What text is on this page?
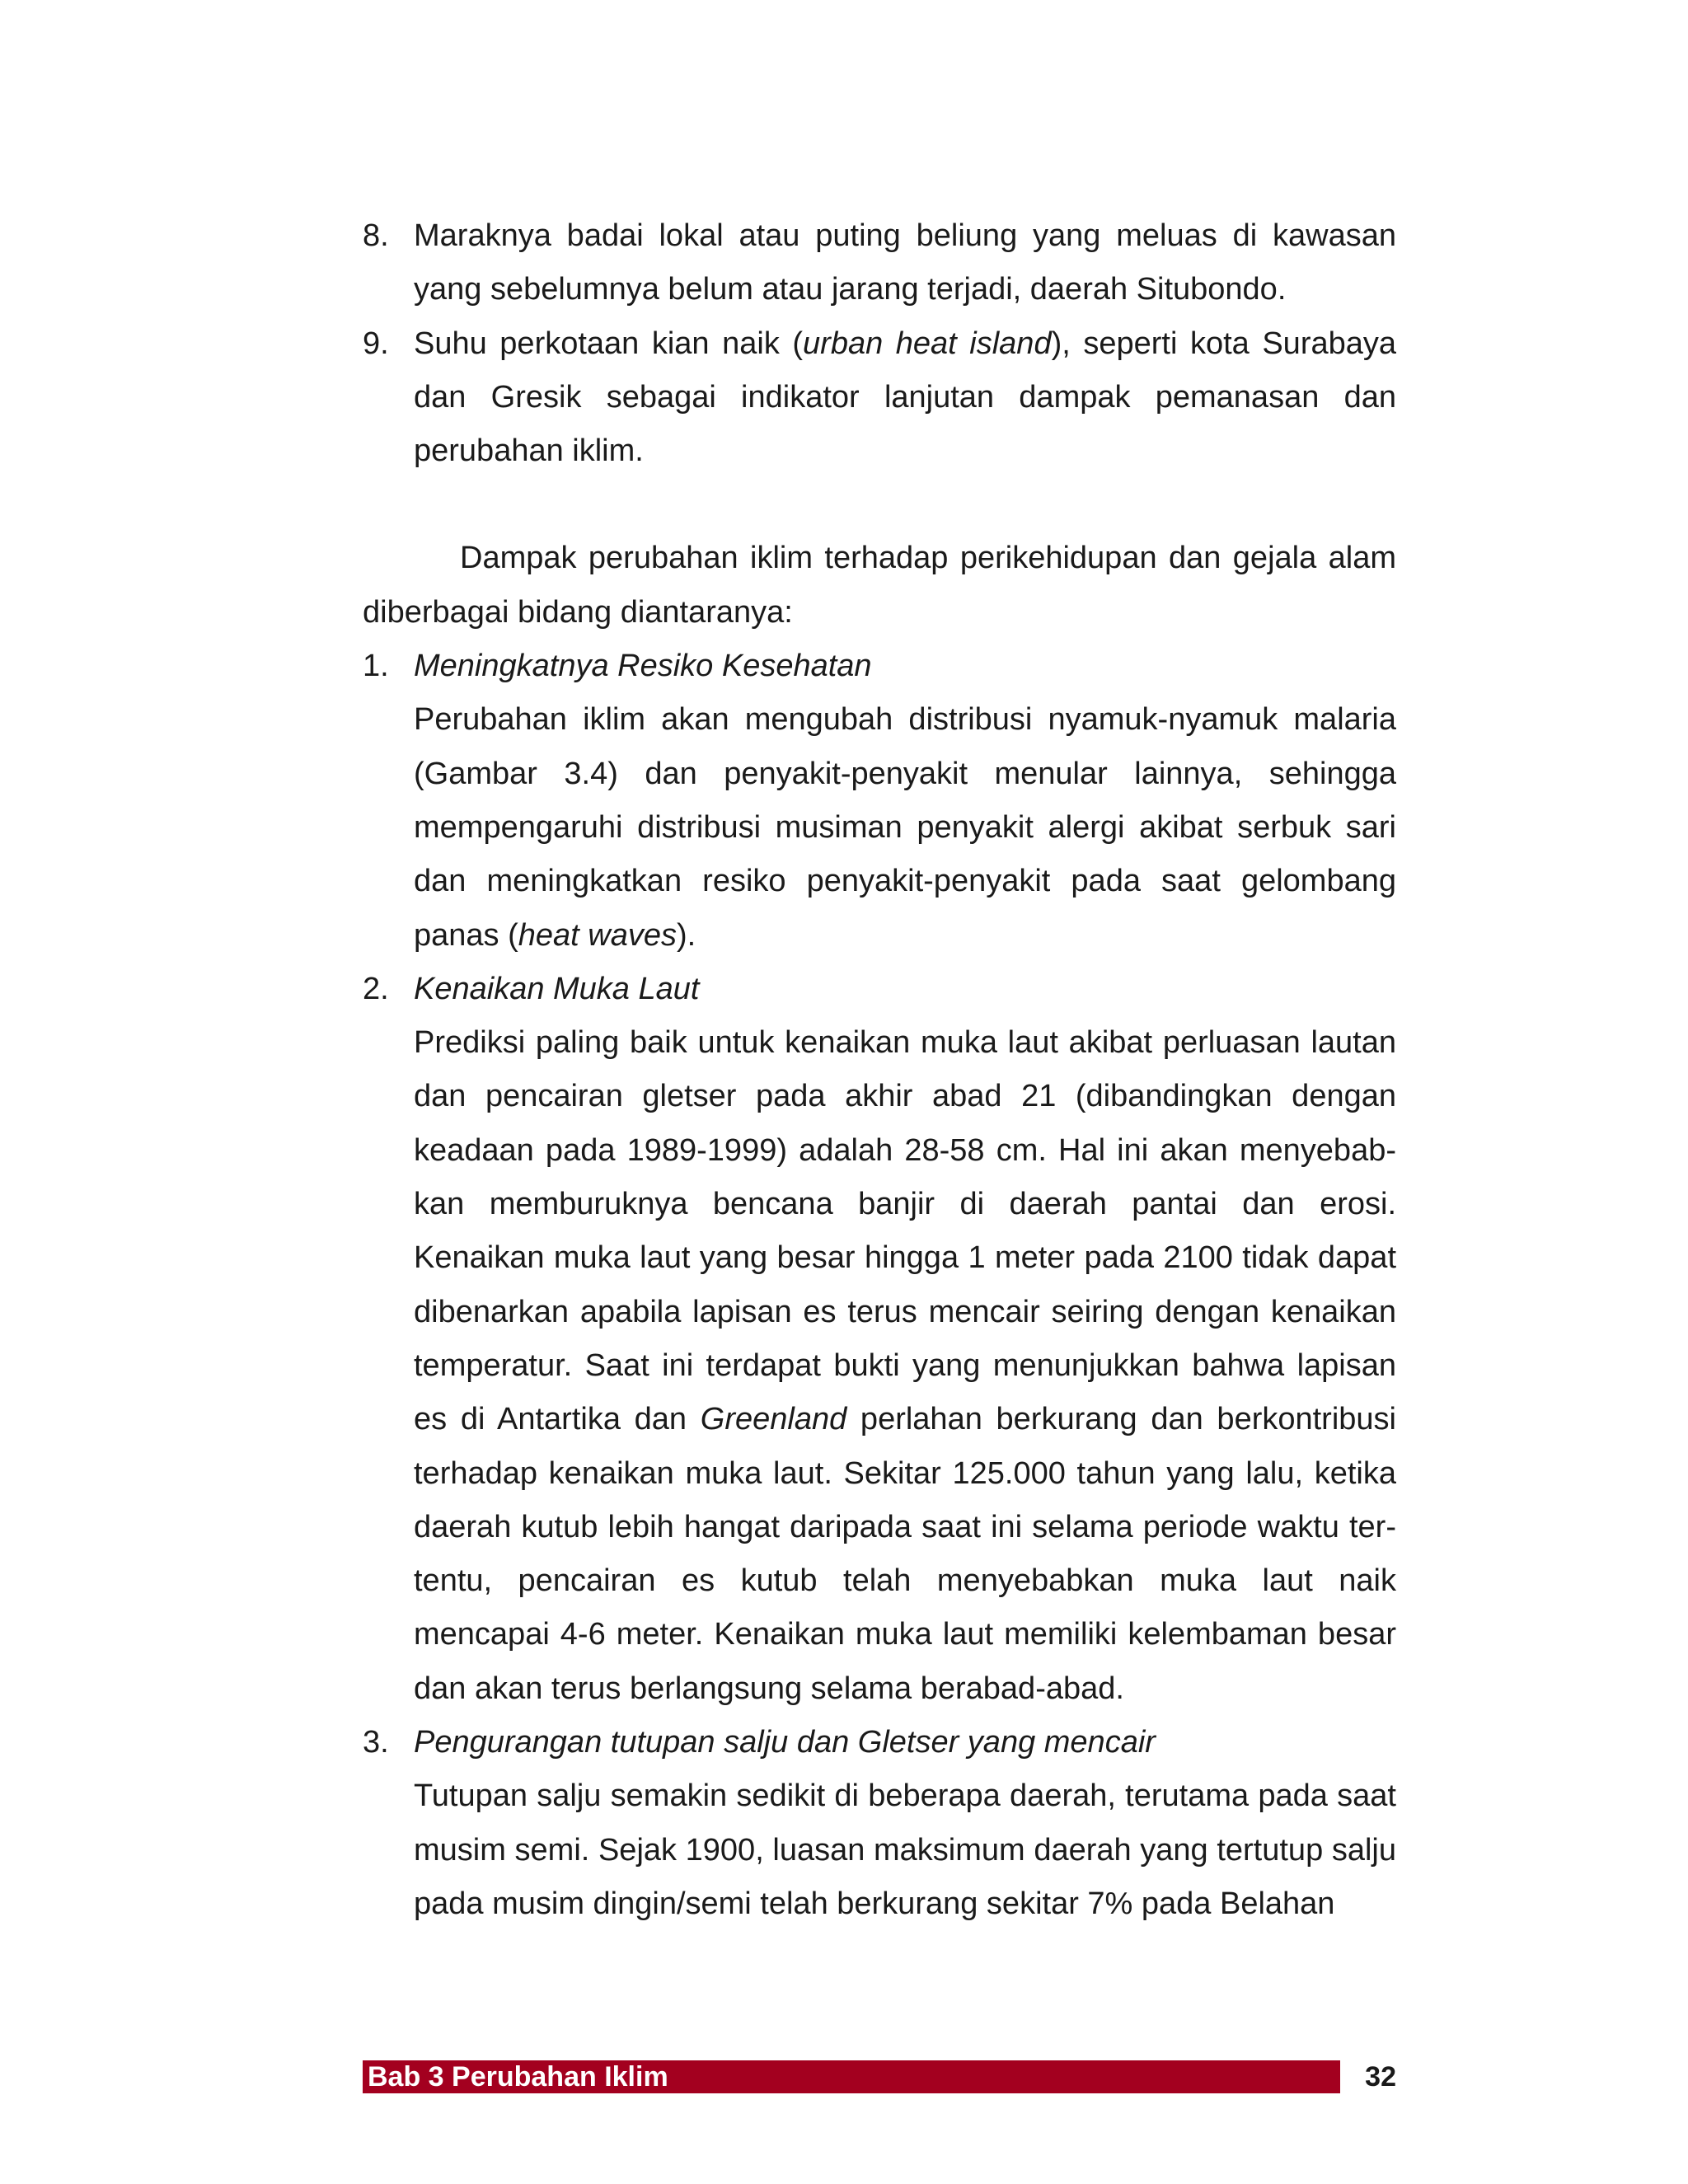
8. Maraknya badai lokal atau puting beliung yang meluas di kawasan yang sebelumnya belum atau jarang terjadi, daerah Situbondo.
9. Suhu perkotaan kian naik (urban heat island), seperti kota Surabaya dan Gresik sebagai indikator lanjutan dampak pemanasan dan perubahan iklim.
Dampak perubahan iklim terhadap perikehidupan dan gejala alam diberbagai bidang diantaranya:
1. Meningkatnya Resiko Kesehatan
Perubahan iklim akan mengubah distribusi nyamuk-nyamuk malaria (Gambar 3.4) dan penyakit-penyakit menular lainnya, sehingga mempengaruhi distribusi musiman penyakit alergi akibat serbuk sari dan meningkatkan resiko penyakit-penyakit pada saat gelombang panas (heat waves).
2. Kenaikan Muka Laut
Prediksi paling baik untuk kenaikan muka laut akibat perluasan lautan dan pencairan gletser pada akhir abad 21 (dibandingkan dengan keadaan pada 1989-1999) adalah 28-58 cm. Hal ini akan menyebab-kan memburuknya bencana banjir di daerah pantai dan erosi. Kenaikan muka laut yang besar hingga 1 meter pada 2100 tidak dapat dibenarkan apabila lapisan es terus mencair seiring dengan kenaikan temperatur. Saat ini terdapat bukti yang menunjukkan bahwa lapisan es di Antartika dan Greenland perlahan berkurang dan berkontribusi terhadap kenaikan muka laut. Sekitar 125.000 tahun yang lalu, ketika daerah kutub lebih hangat daripada saat ini selama periode waktu ter-tentu, pencairan es kutub telah menyebabkan muka laut naik mencapai 4-6 meter. Kenaikan muka laut memiliki kelembaman besar dan akan terus berlangsung selama berabad-abad.
3. Pengurangan tutupan salju dan Gletser yang mencair
Tutupan salju semakin sedikit di beberapa daerah, terutama pada saat musim semi. Sejak 1900, luasan maksimum daerah yang tertutup salju pada musim dingin/semi telah berkurang sekitar 7% pada Belahan
Bab 3 Perubahan Iklim	32
